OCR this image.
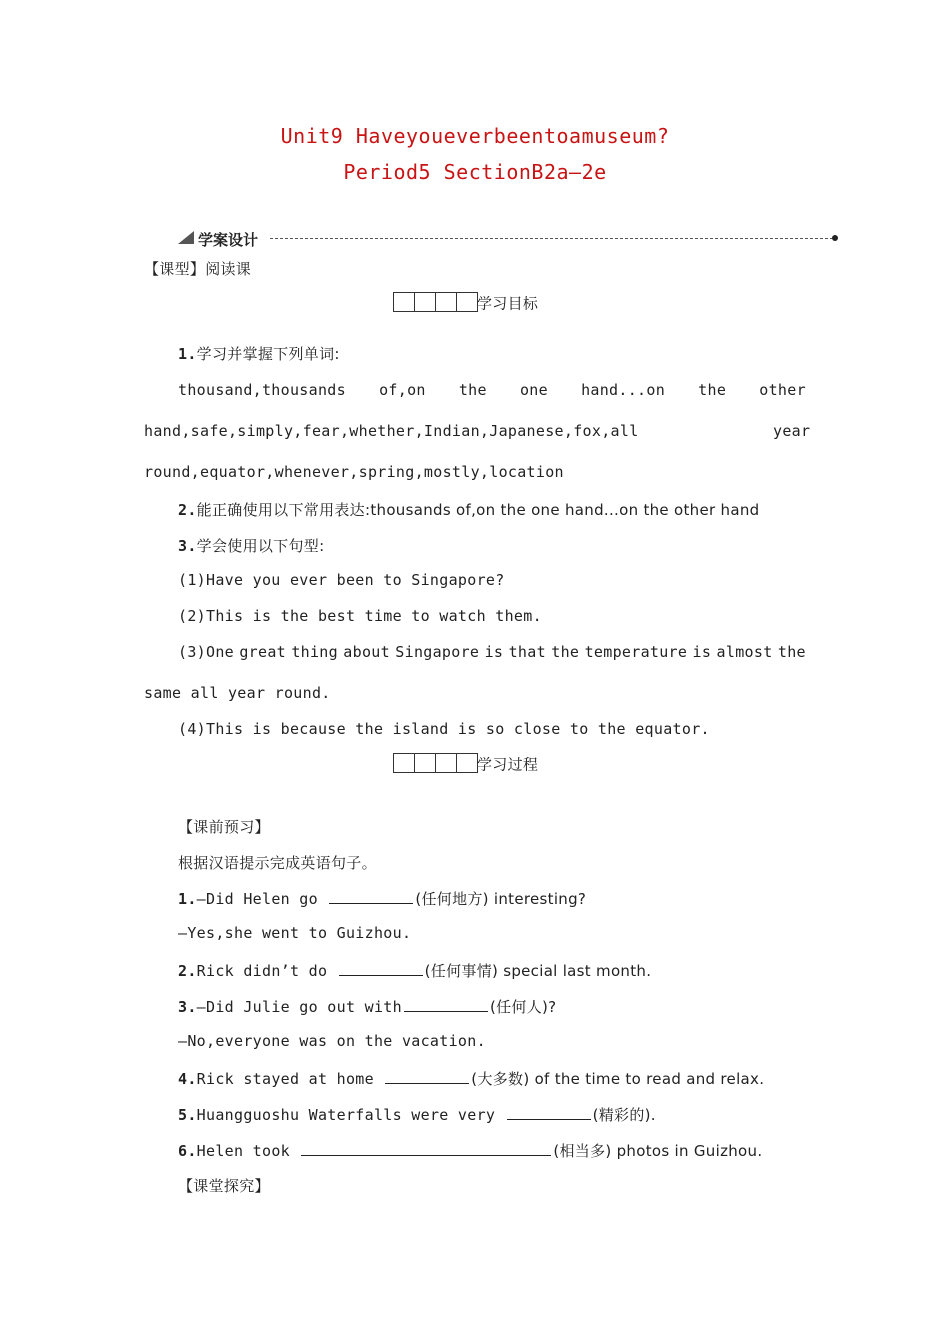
Unit9 Haveyoueverbeentoamuseum?
Period5 SectionB2a—2e
学案设计
【课型】阅读课
学习目标
1.学习并掌握下列单词:
thousand,thousands of,on the one hand...on the other
hand,safe,simply,fear,whether,Indian,Japanese,fox,all	year
round,equator,whenever,spring,mostly,location
2.能正确使用以下常用表达:thousands of,on the one hand...on the other hand
3.学会使用以下句型:
(1)Have you ever been to Singapore?
(2)This is the best time to watch them.
(3)One great thing about Singapore is that the temperature is almost the
same all year round.
(4)This is because the island is so close to the equator.
学习过程
【课前预习】
根据汉语提示完成英语句子。
1.—Did Helen go	(任何地方) interesting?
—Yes,she went to Guizhou.
2.Rick didn’t do	(任何事情) special last month.
3.—Did Julie go out with	(任何人)?
—No,everyone was on the vacation.
4.Rick stayed at home	(大多数) of the time to read and relax.
5.Huangguoshu Waterfalls were very	(精彩的).
6.Helen took	(相当多) photos in Guizhou.
【课堂探究】
